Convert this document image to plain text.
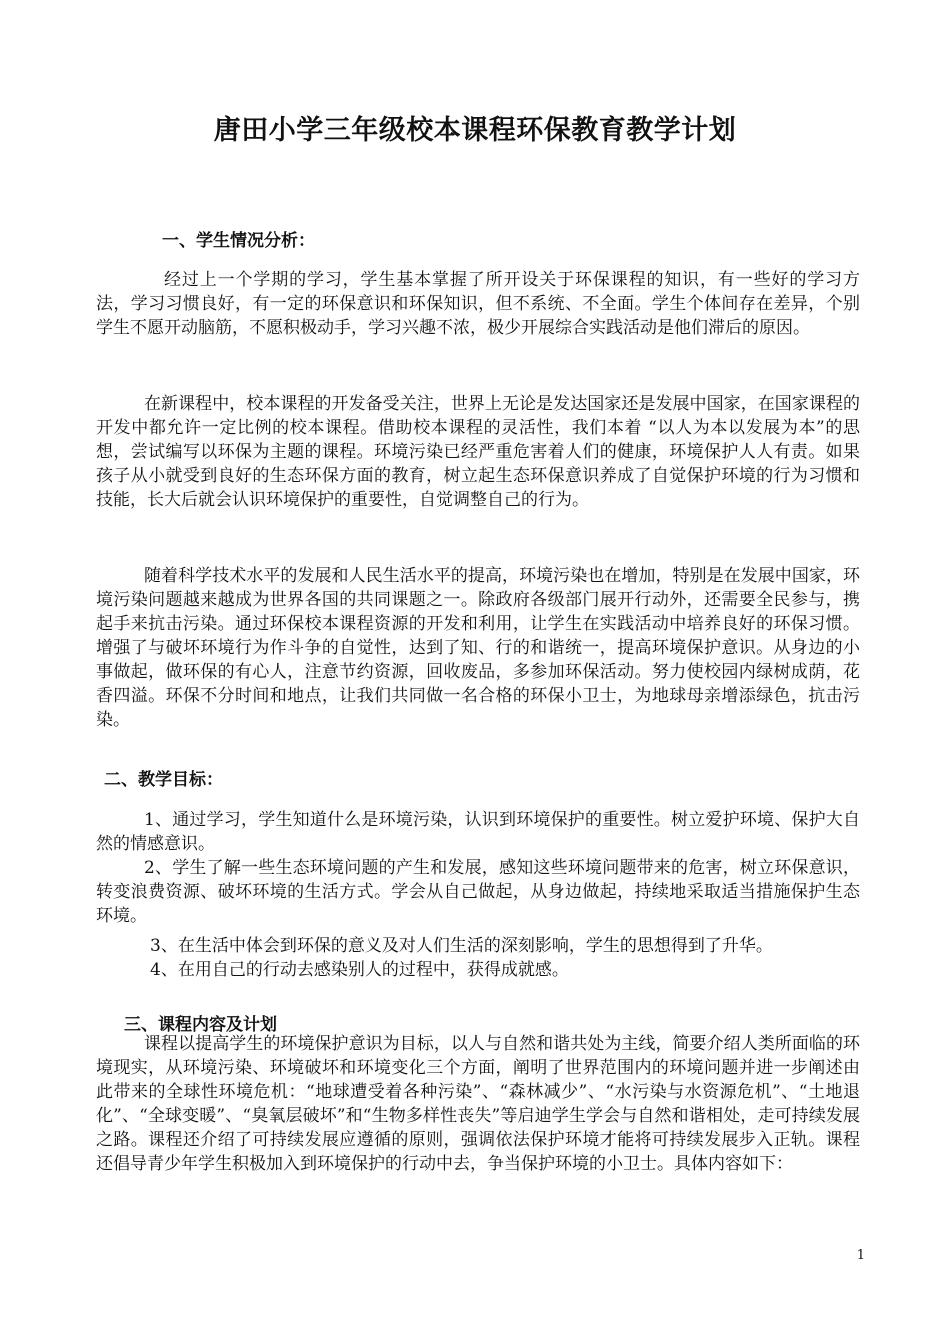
唐田小学三年级校本课程环保教育教学计划
一、学生情况分析：

经过上一个学期的学习，学生基本掌握了所开设关于环保课程的知识，有一些好的学习方法，学习习惯良好，有一定的环保意识和环保知识，但不系统、不全面。学生个体间存在差异，个别学生不愿开动脑筋，不愿积极动手，学习兴趣不浓，极少开展综合实践活动是他们滞后的原因。

在新课程中，校本课程的开发备受关注，世界上无论是发达国家还是发展中国家，在国家课程的开发中都允许一定比例的校本课程。借助校本课程的灵活性，我们本着 “以人为本以发展为本”的思想，尝试编写以环保为主题的课程。环境污染已经严重危害着人们的健康，环境保护人人有责。如果孩子从小就受到良好的生态环保方面的教育，树立起生态环保意识养成了自觉保护环境的行为习惯和技能，长大后就会认识环境保护的重要性，自觉调整自己的行为。

随着科学技术水平的发展和人民生活水平的提高，环境污染也在增加，特别是在发展中国家，环境污染问题越来越成为世界各国的共同课题之一。除政府各级部门展开行动外，还需要全民参与，携起手来抗击污染。通过环保校本课程资源的开发和利用，让学生在实践活动中培养良好的环保习惯。增强了与破坏环境行为作斗争的自觉性，达到了知、行的和谐统一，提高环境保护意识。从身边的小事做起，做环保的有心人，注意节约资源，回收废品，多参加环保活动。努力使校园内绿树成荫，花香四溢。环保不分时间和地点，让我们共同做一名合格的环保小卫士，为地球母亲增添绿色，抗击污染。

二、教学目标：

1、通过学习，学生知道什么是环境污染，认识到环境保护的重要性。树立爱护环境、保护大自然的情感意识。

2、学生了解一些生态环境问题的产生和发展，感知这些环境问题带来的危害，树立环保意识，转变浪费资源、破坏环境的生活方式。学会从自己做起，从身边做起，持续地采取适当措施保护生态环境。

3、在生活中体会到环保的意义及对人们生活的深刻影响，学生的思想得到了升华。
4、在用自己的行动去感染别人的过程中，获得成就感。
三、课程内容及计划

课程以提高学生的环境保护意识为目标，以人与自然和谐共处为主线，简要介绍人类所面临的环境现实，从环境污染、环境破坏和环境变化三个方面，阐明了世界范围内的环境问题并进一步阐述由此带来的全球性环境危机：“地球遭受着各种污染”、“森林减少”、“水污染与水资源危机”、“土地退化”、“全球变暖”、“臭氧层破坏”和“生物多样性丧失”等启迪学生学会与自然和谐相处，走可持续发展之路。课程还介绍了可持续发展应遵循的原则，强调依法保护环境才能将可持续发展步入正轨。课程还倡导青少年学生积极加入到环境保护的行动中去，争当保护环境的小卫士。具体内容如下：

1
